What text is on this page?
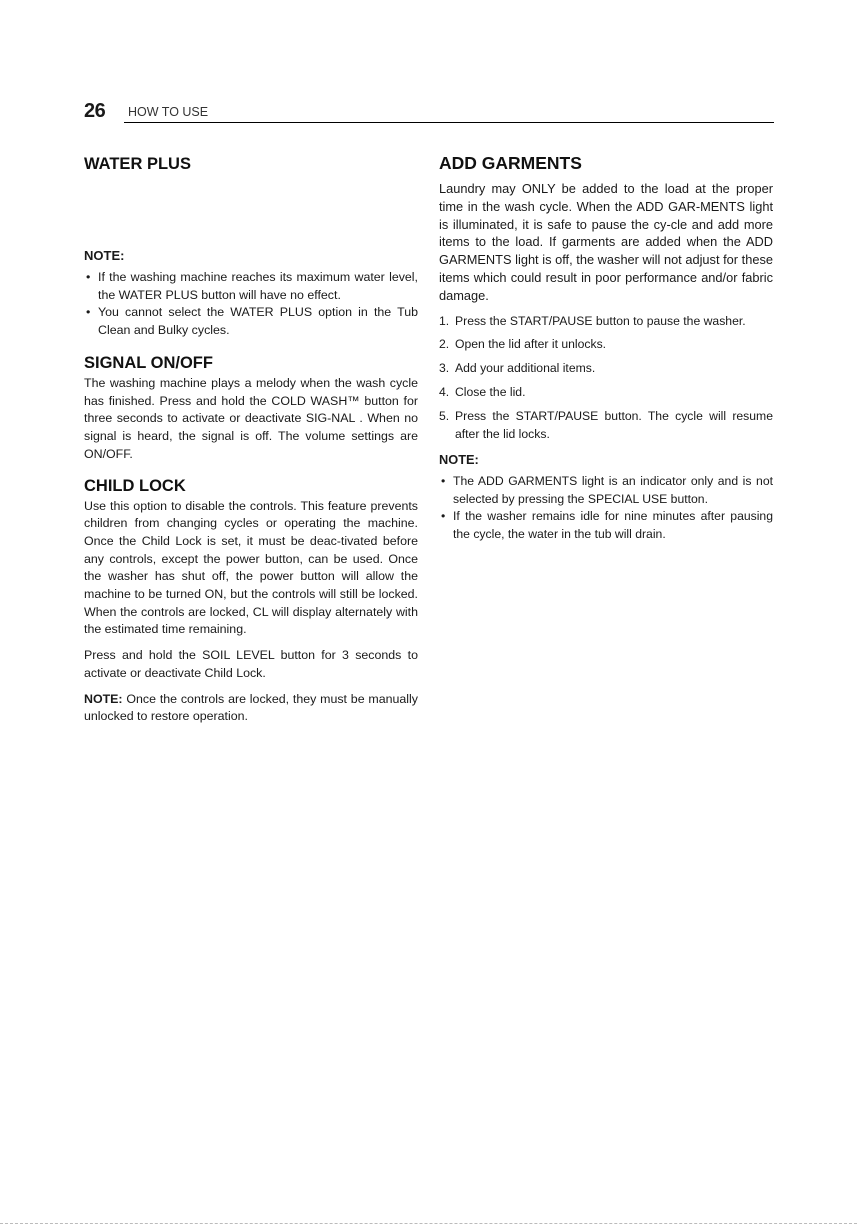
26 HOW TO USE
WATER PLUS

NOTE:

• If the washing machine reaches its maximum water level, the WATER PLUS button will have no effect.
• You cannot select the WATER PLUS option in the Tub Clean and Bulky cycles.
SIGNAL ON/OFF

The washing machine plays a melody when the wash cycle has finished. Press and hold the COLD WASH™ button for three seconds to activate or deactivate SIG-NAL . When no signal is heard, the signal is off. The volume settings are ON/OFF.

CHILD LOCK

Use this option to disable the controls. This feature prevents children from changing cycles or operating the machine. Once the Child Lock is set, it must be deac-tivated before any controls, except the power button, can be used. Once the washer has shut off, the power button will allow the machine to be turned ON, but the controls will still be locked. When the controls are locked, CL will display alternately with the estimated time remaining.

Press and hold the SOIL LEVEL button for 3 seconds to activate or deactivate Child Lock.

NOTE: Once the controls are locked, they must be manually unlocked to restore operation.

ADD GARMENTS

Laundry may ONLY be added to the load at the proper time in the wash cycle. When the ADD GAR-MENTS light is illuminated, it is safe to pause the cy-cle and add more items to the load. If garments are added when the ADD GARMENTS light is off, the washer will not adjust for these items which could result in poor performance and/or fabric damage.

1. Press the START/PAUSE button to pause the washer.
2. Open the lid after it unlocks.
3. Add your additional items.
4. Close the lid.
5. Press the START/PAUSE button. The cycle will resume after the lid locks.

NOTE:

• The ADD GARMENTS light is an indicator only and is not selected by pressing the SPECIAL USE button.
• If the washer remains idle for nine minutes after pausing the cycle, the water in the tub will drain.
